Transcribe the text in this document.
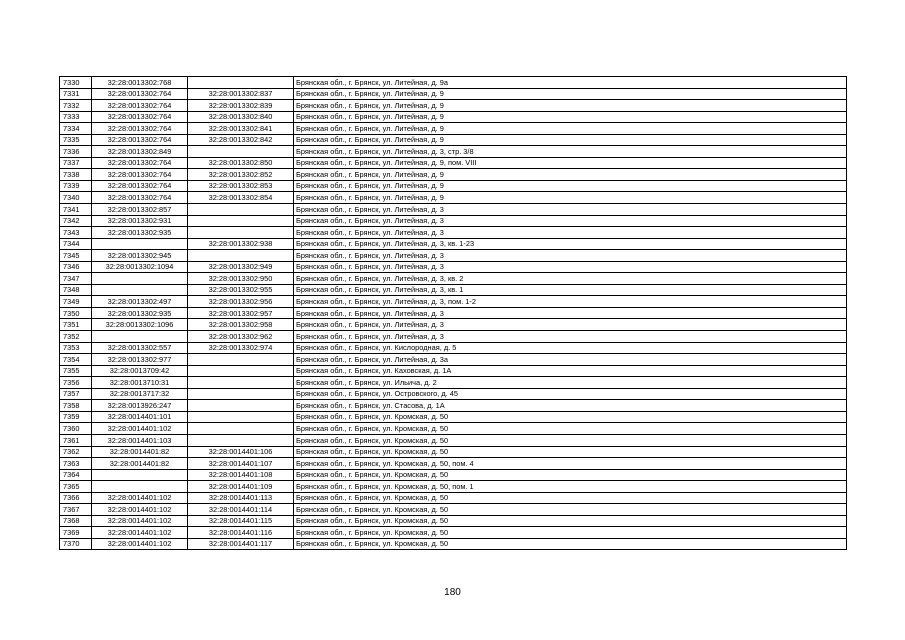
7330	32:28:0013302:768		Брянская обл., г. Брянск, ул. Литейная, д. 9а
7331	32:28:0013302:764	32:28:0013302:837	Брянская обл., г. Брянск, ул. Литейная, д. 9
7332	32:28:0013302:764	32:28:0013302:839	Брянская обл., г. Брянск, ул. Литейная, д. 9
7333	32:28:0013302:764	32:28:0013302:840	Брянская обл., г. Брянск, ул. Литейная, д. 9
7334	32:28:0013302:764	32:28:0013302:841	Брянская обл., г. Брянск, ул. Литейная, д. 9
7335	32:28:0013302:764	32:28:0013302:842	Брянская обл., г. Брянск, ул. Литейная, д. 9
7336	32:28:0013302:849		Брянская обл., г. Брянск, ул. Литейная, д. 3, стр. 3/8
7337	32:28:0013302:764	32:28:0013302:850	Брянская обл., г. Брянск, ул. Литейная, д. 9, пом. VIII
7338	32:28:0013302:764	32:28:0013302:852	Брянская обл., г. Брянск, ул. Литейная, д. 9
7339	32:28:0013302:764	32:28:0013302:853	Брянская обл., г. Брянск, ул. Литейная, д. 9
7340	32:28:0013302:764	32:28:0013302:854	Брянская обл., г. Брянск, ул. Литейная, д. 9
7341	32:28:0013302:857		Брянская обл., г. Брянск, ул. Литейная, д. 3
7342	32:28:0013302:931		Брянская обл., г. Брянск, ул. Литейная, д. 3
7343	32:28:0013302:935		Брянская обл., г. Брянск, ул. Литейная, д. 3
7344		32:28:0013302:938	Брянская обл., г. Брянск, ул. Литейная, д. 3, кв. 1-23
7345	32:28:0013302:945		Брянская обл., г. Брянск, ул. Литейная, д. 3
7346	32:28:0013302:1094	32:28:0013302:949	Брянская обл., г. Брянск, ул. Литейная, д. 3
7347		32:28:0013302:950	Брянская обл., г. Брянск, ул. Литейная, д. 3, кв. 2
7348		32:28:0013302:955	Брянская обл., г. Брянск, ул. Литейная, д. 3, кв. 1
7349	32:28:0013302:497	32:28:0013302:956	Брянская обл., г. Брянск, ул. Литейная, д. 3, пом. 1-2
7350	32:28:0013302:935	32:28:0013302:957	Брянская обл., г. Брянск, ул. Литейная, д. 3
7351	32:28:0013302:1096	32:28:0013302:958	Брянская обл., г. Брянск, ул. Литейная, д. 3
7352		32:28:0013302:962	Брянская обл., г. Брянск, ул. Литейная, д. 3
7353	32:28:0013302:557	32:28:0013302:974	Брянская обл., г. Брянск, ул. Кислородная, д. 5
7354	32:28:0013302:977		Брянская обл., г. Брянск, ул. Литейная, д. 3а
7355	32:28:0013709:42		Брянская обл., г. Брянск, ул. Каховская, д. 1А
7356	32:28:0013710:31		Брянская обл., г. Брянск, ул. Ильича, д. 2
7357	32:28:0013717:32		Брянская обл., г. Брянск, ул. Островского, д. 45
7358	32:28:0013926:247		Брянская обл., г. Брянск, ул. Стасова, д. 1А
7359	32:28:0014401:101		Брянская обл., г. Брянск, ул. Кромская, д. 50
7360	32:28:0014401:102		Брянская обл., г. Брянск, ул. Кромская, д. 50
7361	32:28:0014401:103		Брянская обл., г. Брянск, ул. Кромская, д. 50
7362	32:28:0014401:82	32:28:0014401:106	Брянская обл., г. Брянск, ул. Кромская, д. 50
7363	32:28:0014401:82	32:28:0014401:107	Брянская обл., г. Брянск, ул. Кромская, д. 50, пом. 4
7364		32:28:0014401:108	Брянская обл., г. Брянск, ул. Кромская, д. 50
7365		32:28:0014401:109	Брянская обл., г. Брянск, ул. Кромская, д. 50, пом. 1
7366	32:28:0014401:102	32:28:0014401:113	Брянская обл., г. Брянск, ул. Кромская, д. 50
7367	32:28:0014401:102	32:28:0014401:114	Брянская обл., г. Брянск, ул. Кромская, д. 50
7368	32:28:0014401:102	32:28:0014401:115	Брянская обл., г. Брянск, ул. Кромская, д. 50
7369	32:28:0014401:102	32:28:0014401:116	Брянская обл., г. Брянск, ул. Кромская, д. 50
7370	32:28:0014401:102	32:28:0014401:117	Брянская обл., г. Брянск, ул. Кромская, д. 50
180
